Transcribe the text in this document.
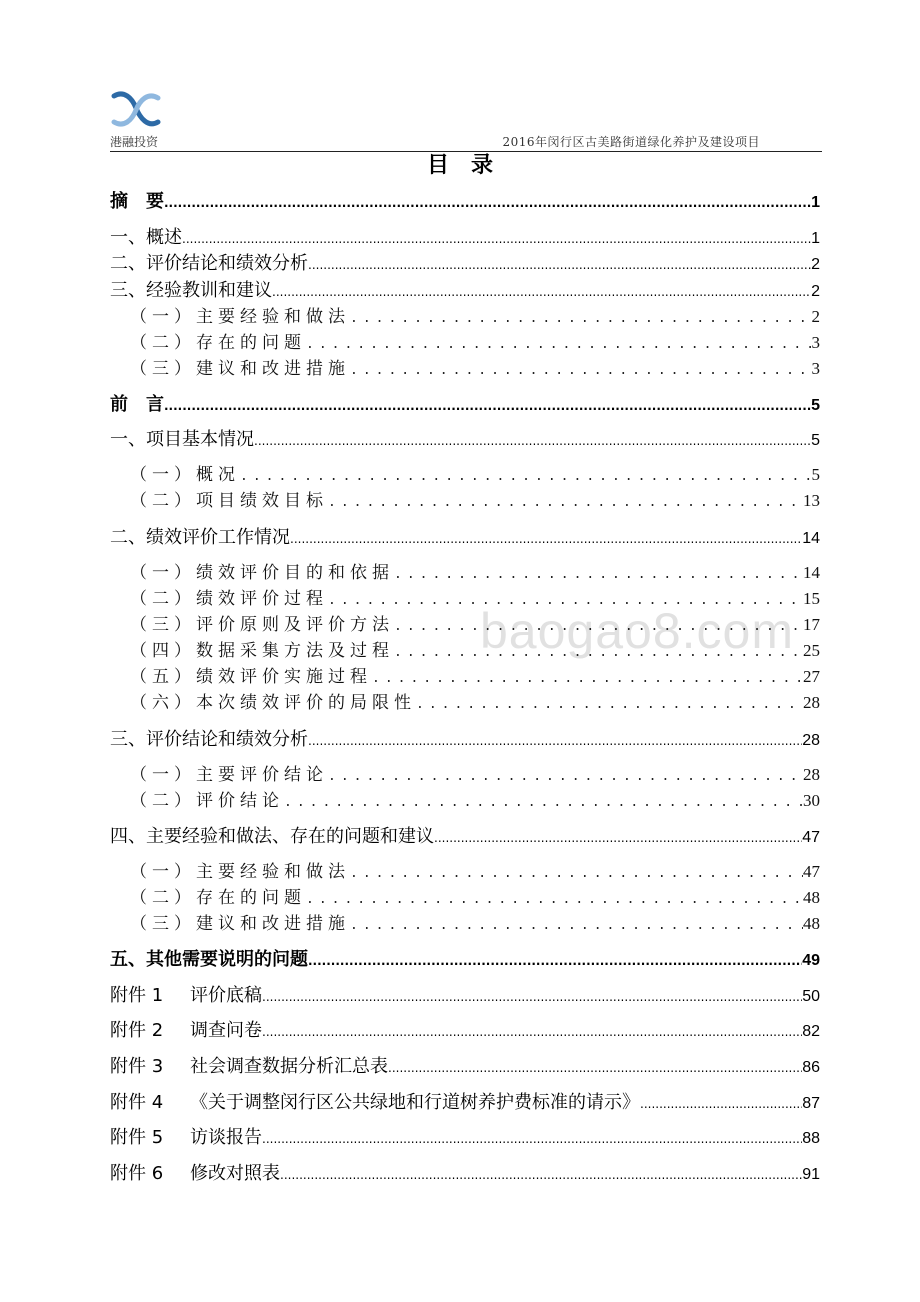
港融投资	2016年闵行区古美路街道绿化养护及建设项目
目录
baogao8.com
摘　要 .....	1
一、概述 .....	1
二、评价结论和绩效分析 .....	2
三、经验教训和建议 .....	2
（一）主要经验和做法 .....	2
（二）存在的问题 .....	3
（三）建议和改进措施 .....	3
前　言 .....	5
一、项目基本情况 .....	5
（一）概况 .....	5
（二）项目绩效目标 .....	13
二、绩效评价工作情况 .....	14
（一）绩效评价目的和依据 .....	14
（二）绩效评价过程 .....	15
（三）评价原则及评价方法 .....	17
（四）数据采集方法及过程 .....	25
（五）绩效评价实施过程 .....	27
（六）本次绩效评价的局限性 .....	28
三、评价结论和绩效分析 .....	28
（一）主要评价结论 .....	28
（二）评价结论 .....	30
四、主要经验和做法、存在的问题和建议 .....	47
（一）主要经验和做法 .....	47
（二）存在的问题 .....	48
（三）建议和改进措施 .....	48
五、其他需要说明的问题 .....	49
附件 1 评价底稿 .....	50
附件 2 调查问卷 .....	82
附件 3 社会调查数据分析汇总表 .....	86
附件 4 《关于调整闵行区公共绿地和行道树养护费标准的请示》 .....	87
附件 5 访谈报告 .....	88
附件 6 修改对照表 .....	91
